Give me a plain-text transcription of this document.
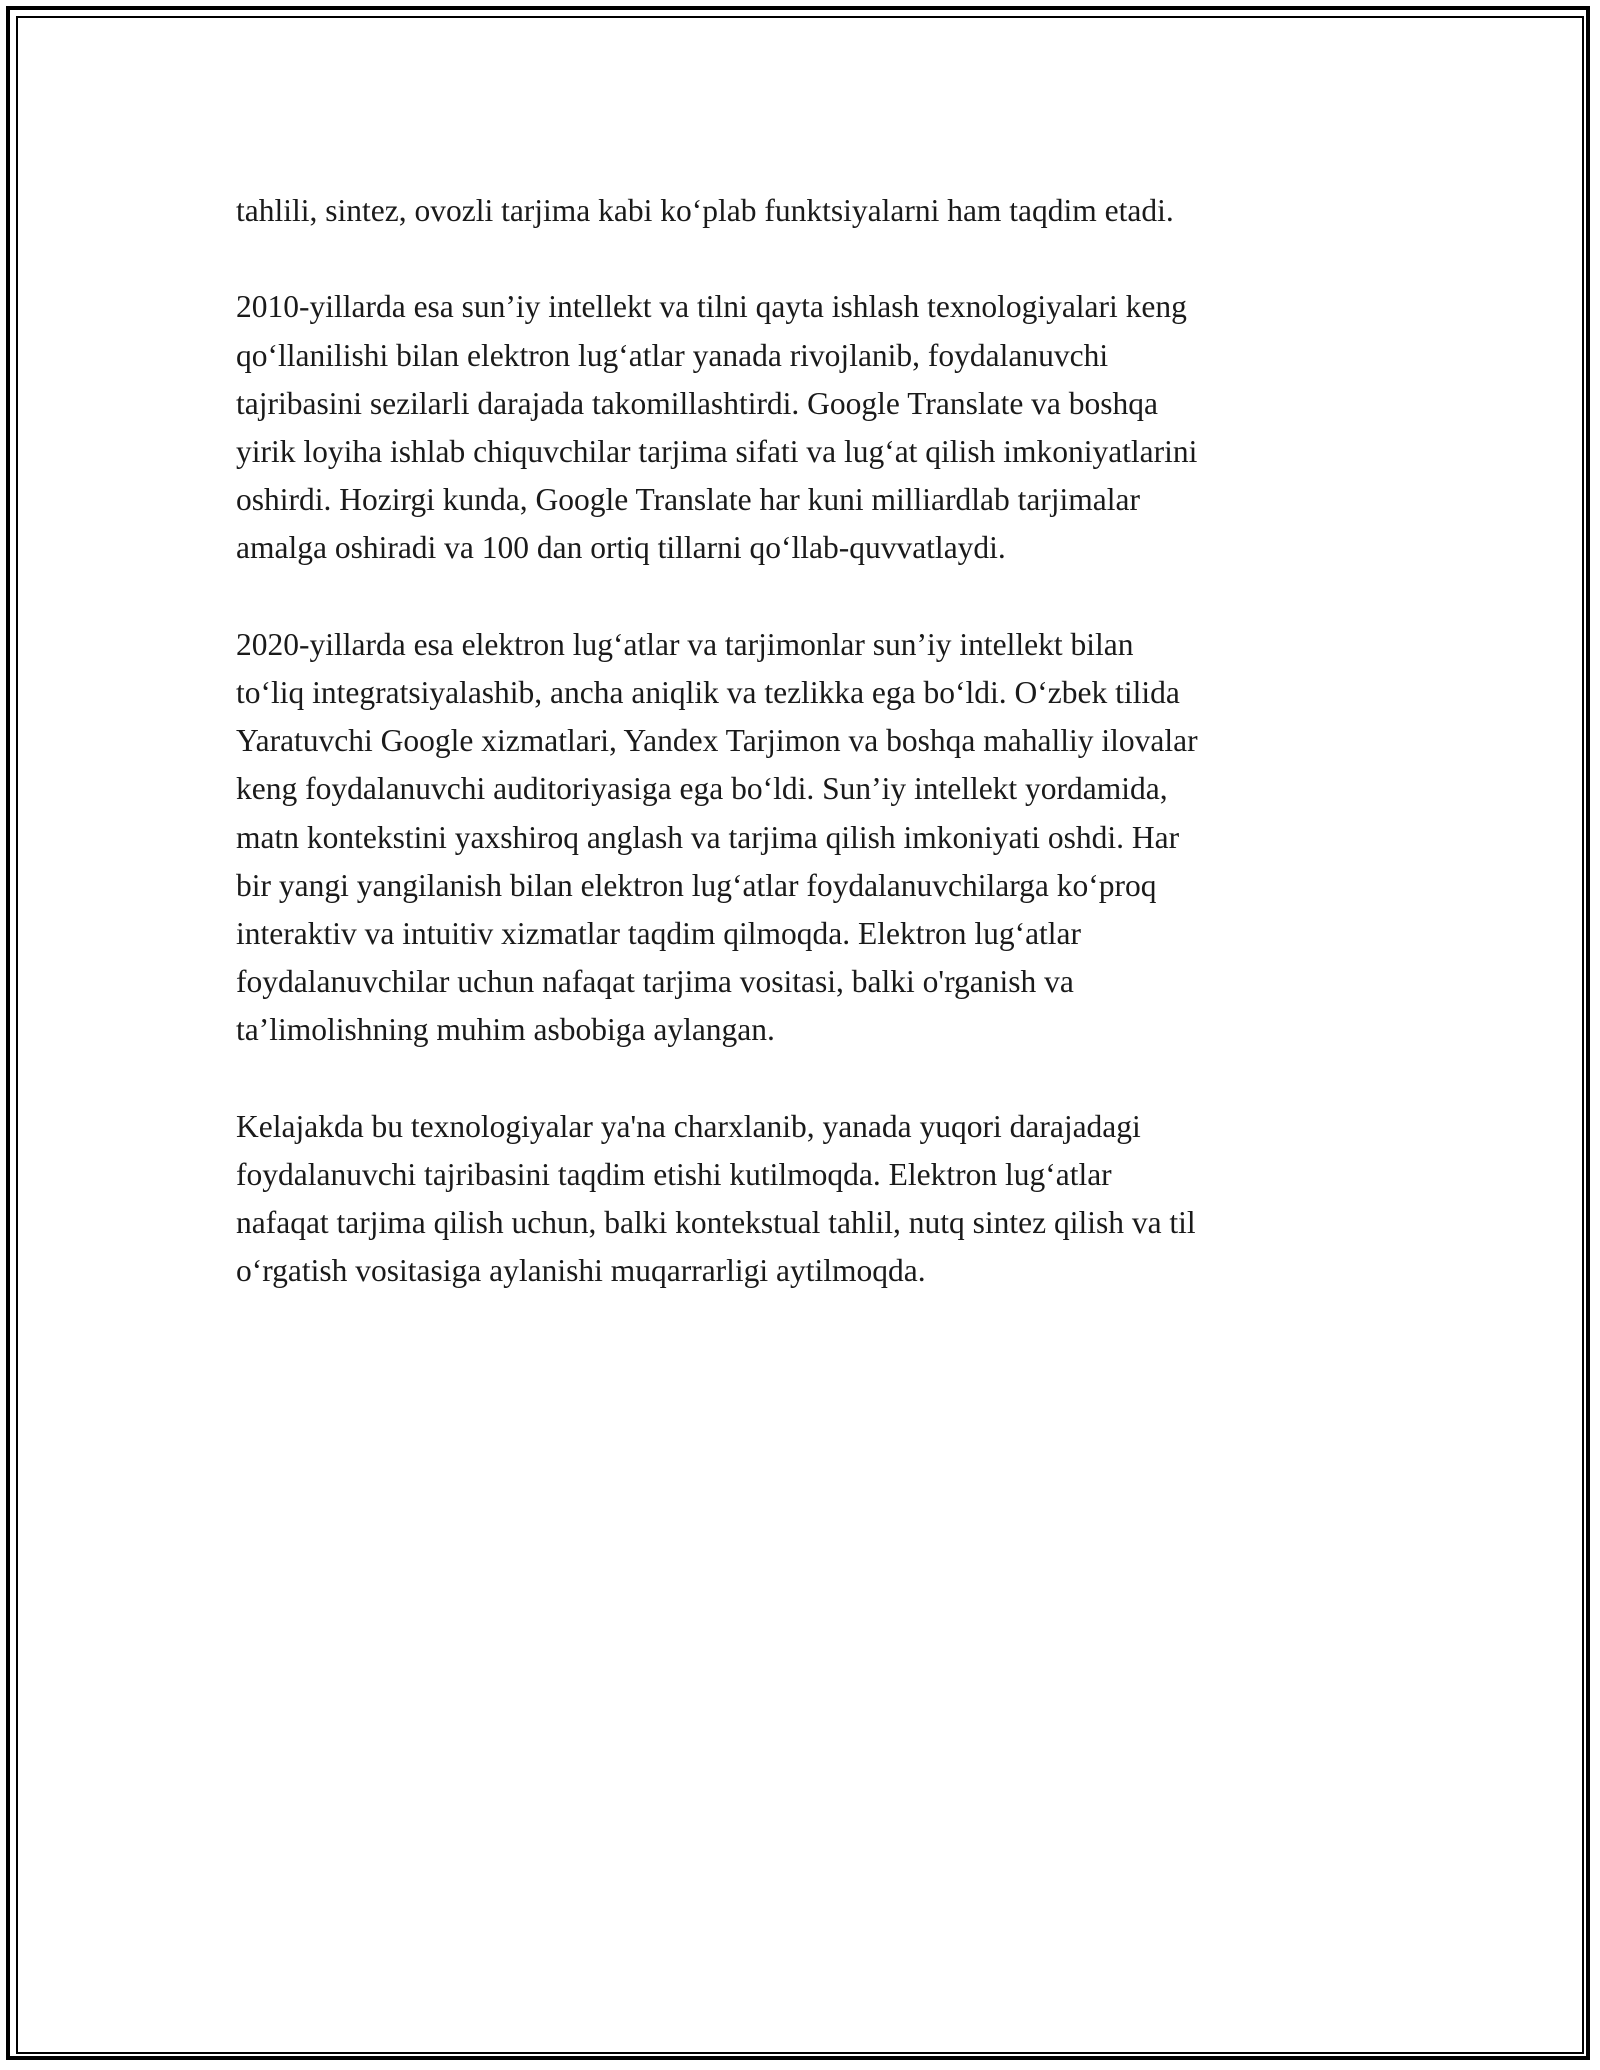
tahlili, sintez, ovozli tarjima kabi ko‘plab funktsiyalarni ham taqdim etadi.

2010-yillarda esa sun’iy intellekt va tilni qayta ishlash texnologiyalari keng
qo‘llanilishi bilan elektron lug‘atlar yanada rivojlanib, foydalanuvchi
tajribasini sezilarli darajada takomillashtirdi. Google Translate va boshqa
yirik loyiha ishlab chiquvchilar tarjima sifati va lug‘at qilish imkoniyatlarini
oshirdi. Hozirgi kunda, Google Translate har kuni milliardlab tarjimalar
amalga oshiradi va 100 dan ortiq tillarni qo‘llab-quvvatlaydi.

2020-yillarda esa elektron lug‘atlar va tarjimonlar sun’iy intellekt bilan
to‘liq integratsiyalashib, ancha aniqlik va tezlikka ega bo‘ldi. O‘zbek tilida
Yaratuvchi Google xizmatlari, Yandex Tarjimon va boshqa mahalliy ilovalar
keng foydalanuvchi auditoriyasiga ega bo‘ldi. Sun’iy intellekt yordamida,
matn kontekstini yaxshiroq anglash va tarjima qilish imkoniyati oshdi. Har
bir yangi yangilanish bilan elektron lug‘atlar foydalanuvchilarga ko‘proq
interaktiv va intuitiv xizmatlar taqdim qilmoqda. Elektron lug‘atlar
foydalanuvchilar uchun nafaqat tarjima vositasi, balki o'rganish va
ta’limolishning muhim asbobiga aylangan.

Kelajakda bu texnologiyalar ya'na charxlanib, yanada yuqori darajadagi
foydalanuvchi tajribasini taqdim etishi kutilmoqda. Elektron lug‘atlar
nafaqat tarjima qilish uchun, balki kontekstual tahlil, nutq sintez qilish va til
o‘rgatish vositasiga aylanishi muqarrarligi aytilmoqda.
